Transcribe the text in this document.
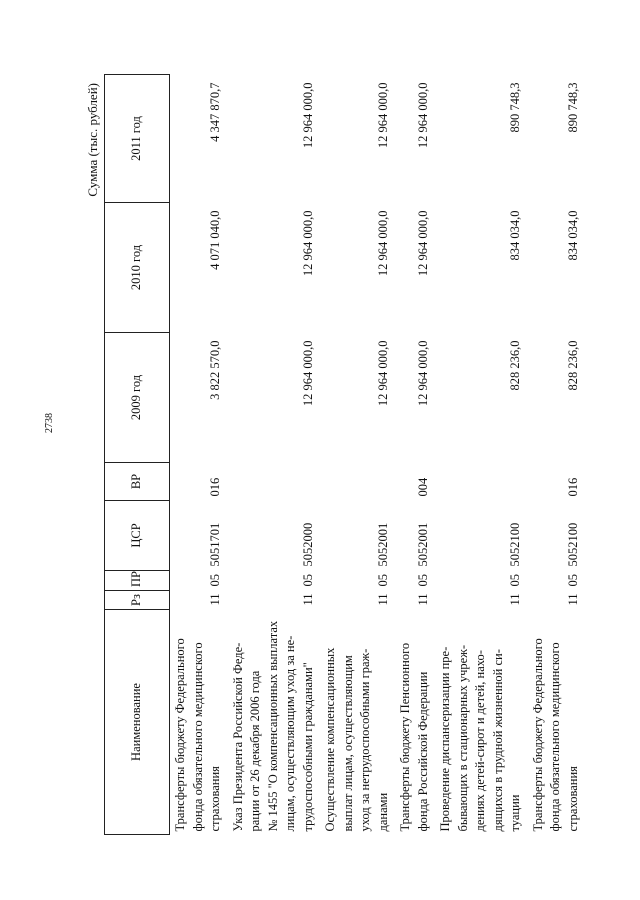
2738
Сумма (тыс. рублей)
Наименование	Рз	ПР	ЦСР	ВР	2009 год	2010 год	2011 год

Трансферты бюджету Федерального фонда обязательного медицинского страхования	11	05	5051701	016	3 822 570,0	4 071 040,0	4 347 870,7

Указ Президента Российской Феде- рации от 26 декабря 2006 года № 1455 "О компенсационных выплатах лицам, осуществляющим уход за не- трудоспособными гражданами"	11	05	5052000		12 964 000,0	12 964 000,0	12 964 000,0

Осуществление компенсационных выплат лицам, осуществляющим уход за нетрудоспособными граж- данами	11	05	5052001		12 964 000,0	12 964 000,0	12 964 000,0

Трансферты бюджету Пенсионного фонда Российской Федерации	11	05	5052001	004	12 964 000,0	12 964 000,0	12 964 000,0

Проведение диспансеризации пре- бывающих в стационарных учреж- дениях детей-сирот и детей, нахо- дящихся в трудной жизненной си- туации	11	05	5052100		828 236,0	834 034,0	890 748,3

Трансферты бюджету Федерального фонда обязательного медицинского страхования	11	05	5052100	016	828 236,0	834 034,0	890 748,3
